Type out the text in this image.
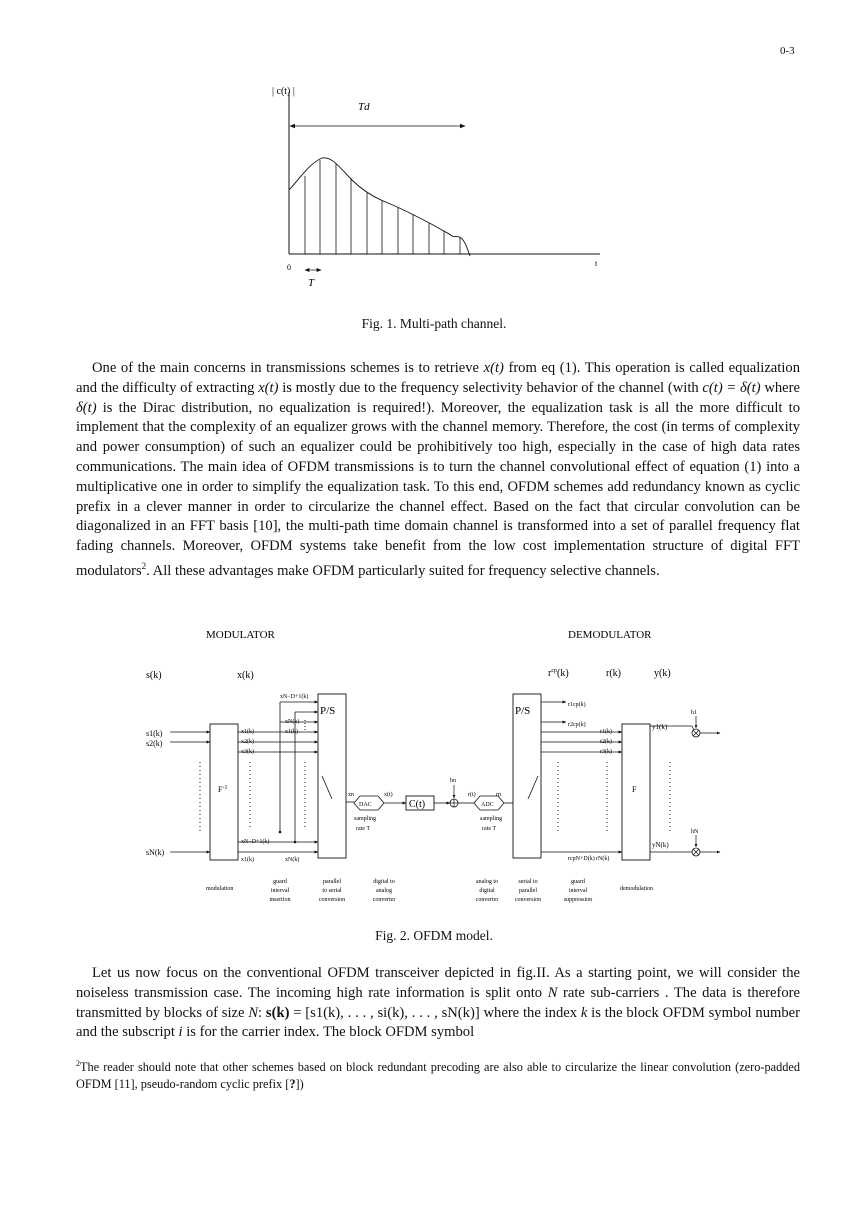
0-3
| c(t) |
Td
0	t
T
Fig. 1. Multi-path channel.

One of the main concerns in transmissions schemes is to retrieve x(t) from eq (1). This operation is called equalization and the difficulty of extracting x(t) is mostly due to the frequency selectivity behavior of the channel (with c(t) = δ(t) where δ(t) is the Dirac distribution, no equalization is required!). Moreover, the equalization task is all the more difficult to implement that the complexity of an equalizer grows with the channel memory. Therefore, the cost (in terms of complexity and power consumption) of such an equalizer could be prohibitively too high, especially in the case of high data rates communications. The main idea of OFDM transmissions is to turn the channel convolutional effect of equation (1) into a multiplicative one in order to simplify the equalization task. To this end, OFDM schemes add redundancy known as cyclic prefix in a clever manner in order to circularize the channel effect. Based on the fact that circular convolution can be diagonalized in an FFT basis [10], the multi-path time domain channel is transformed into a set of parallel frequency flat fading channels. Moreover, OFDM systems take benefit from the low cost implementation structure of digital FFT modulators$^2$. All these advantages make OFDM particularly suited for frequency selective channels.

MODULATOR	DEMODULATOR
s(k)	x(k)	$r^{cp}(k)$	r(k)	y(k)
s1(k)
s2(k)
sN(k)
$F^{-1}$
xN−D+1(k)
xN(k)
x1(k)
x1(k)
x2(k)
x3(k)
xN−D+1(k)
x1(k)	xN(k)
P/S
xn
DAC
x(t)
C(t)
bn
r(t)
ADC
rn
sampling
rate T
sampling
rate T
P/S	r1cp(k)
r2cp(k)
r1(k)
r2(k)
r3(k)
rcpN+D(k) rN(k)
F
y1(k)
yN(k)
h1
hN
modulation
guard interval insertion
parallel to serial conversion
digital to analog converter
analog to digital converter
serial to parallel conversion
guard interval suppression
demodulation
Fig. 2. OFDM model.

Let us now focus on the conventional OFDM transceiver depicted in fig.II. As a starting point, we will consider the noiseless transmission case. The incoming high rate information is split onto N rate sub-carriers . The data is therefore transmitted by blocks of size N: s(k) = [s1(k), . . . , si(k), . . . , sN(k)] where the index k is the block OFDM symbol number and the subscript i is for the carrier index. The block OFDM symbol

$^2$The reader should note that other schemes based on block redundant precoding are also able to circularize the linear convolution (zero-padded OFDM [11], pseudo-random cyclic prefix [?])
